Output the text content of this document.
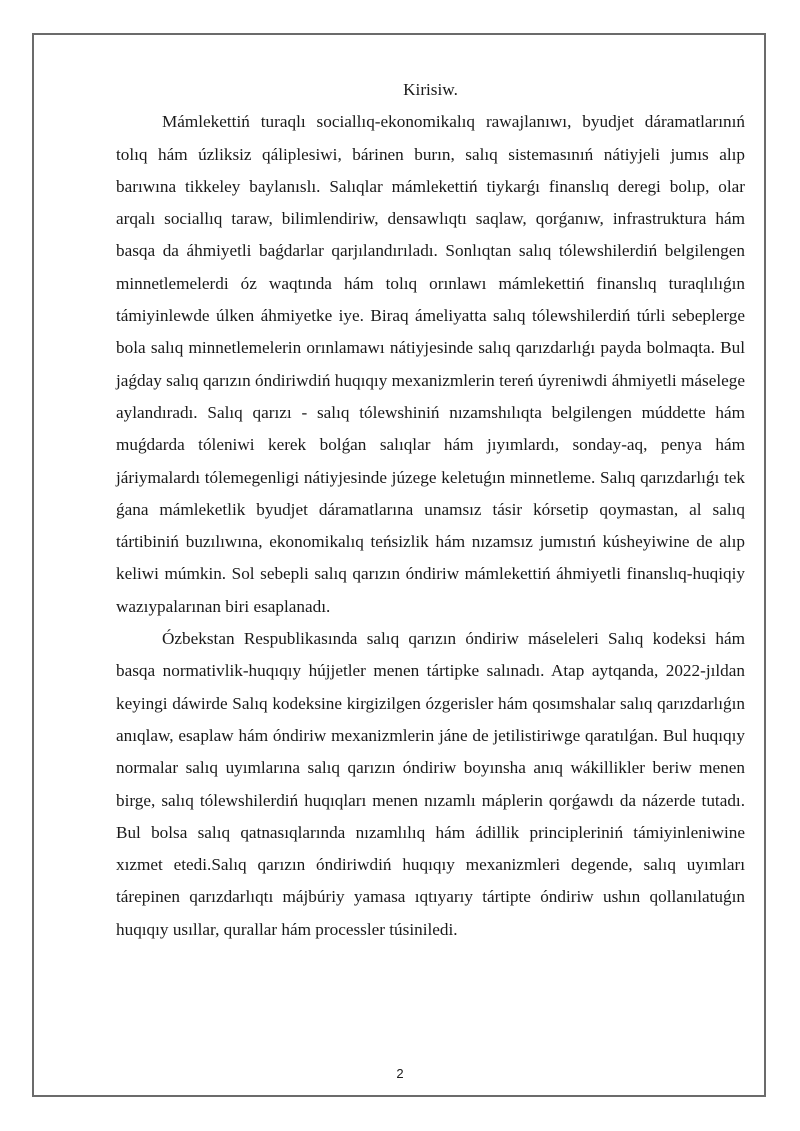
Kirisiw.

Mámlekettiń turaqlı sociallıq-ekonomikalıq rawajlanıwı, byudjet dáramatlarınıń tolıq hám úzliksiz qáliplesiwi, bárinen burın, salıq sistemasınıń nátiyjeli jumıs alıp barıwına tikkeley baylanıslı. Salıqlar mámlekettiń tiykarǵı finanslıq deregi bolıp, olar arqalı sociallıq taraw, bilimlendiriw, densawlıqtı saqlaw, qorǵanıw, infrastruktura hám basqa da áhmiyetli baǵdarlar qarjılandırıladı. Sonlıqtan salıq tólewshilerdiń belgilengen minnetlemelerdi óz waqtında hám tolıq orınlawı mámlekettiń finanslıq turaqlılıǵın támiyinlewde úlken áhmiyetke iye. Biraq ámeliyatta salıq tólewshilerdiń túrli sebeplerge bola salıq minnetlemelerin orınlamawı nátiyjesinde salıq qarızdarlıǵı payda bolmaqta. Bul jaǵday salıq qarızın óndiriwdiń huqıqıy mexanizmlerin tereń úyreniwdi áhmiyetli máselege aylandıradı. Salıq qarızı - salıq tólewshiniń nızamshılıqta belgilengen múddette hám muǵdarda tóleniwi kerek bolǵan salıqlar hám jıyımlardı, sonday-aq, penya hám járiymalardı tólemegenligi nátiyjesinde júzege keletuǵın minnetleme. Salıq qarızdarlıǵı tek ǵana mámleketlik byudjet dáramatlarına unamsız tásir kórsetip qoymastan, al salıq tártibiniń buzılıwına, ekonomikalıq teńsizlik hám nızamsız jumıstıń kúsheyiwine de alıp keliwi múmkin. Sol sebepli salıq qarızın óndiriw mámlekettiń áhmiyetli finanslıq-huqiqiy wazıypalarınan biri esaplanadı.

Ózbekstan Respublikasında salıq qarızın óndiriw máseleleri Salıq kodeksi hám basqa normativlik-huqıqıy hújjetler menen tártipke salınadı. Atap aytqanda, 2022-jıldan keyingi dáwirde Salıq kodeksine kirgizilgen ózgerisler hám qosımshalar salıq qarızdarlıǵın anıqlaw, esaplaw hám óndiriw mexanizmlerin jáne de jetilistiriwge qaratılǵan. Bul huqıqıy normalar salıq uyımlarına salıq qarızın óndiriw boyınsha anıq wákillikler beriw menen birge, salıq tólewshilerdiń huqıqları menen nızamlı máplerin qorǵawdı da názerde tutadı. Bul bolsa salıq qatnasıqlarında nızamlılıq hám ádillik principleriniń támiyinleniwine xızmet etedi.Salıq qarızın óndiriwdiń huqıqıy mexanizmleri degende, salıq uyımları tárepinen qarızdarlıqtı májbúriy yamasa ıqtıyarıy tártipte óndiriw ushın qollanılatuǵın huqıqıy usıllar, qurallar hám processler túsiniledi.

2
